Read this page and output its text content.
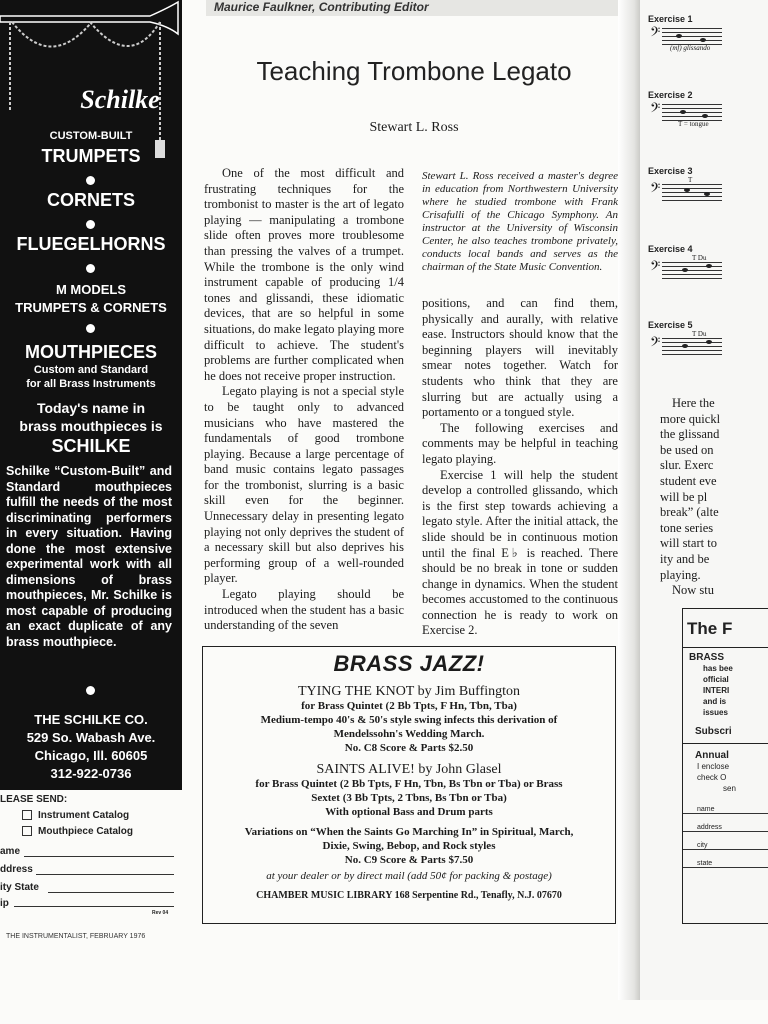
Schilke
CUSTOM-BUILT
TRUMPETS
CORNETS
FLUEGELHORNS
M MODELS
TRUMPETS & CORNETS
MOUTHPIECES
Custom and Standard
for all Brass Instruments
Today's name in
brass mouthpieces is
SCHILKE
Schilke “Custom-Built” and Standard mouthpieces fulfill the needs of the most discriminating performers in every situation. Having done the most extensive experimental work with all dimensions of brass mouthpieces, Mr. Schilke is most capable of producing an exact duplicate of any brass mouthpiece.
THE SCHILKE CO.
529 So. Wabash Ave.
Chicago, Ill. 60605
312-922-0736
LEASE SEND:
Instrument Catalog
Mouthpiece Catalog
ame
ddress
ity State
ip
Rev 04
Maurice Faulkner, Contributing Editor
Teaching Trombone Legato
Stewart L. Ross

One of the most difficult and frustrating techniques for the trombonist to master is the art of legato playing — manipulating a trombone slide often proves more troublesome than pressing the valves of a trumpet. While the trombone is the only wind instrument capable of producing 1/4 tones and glissandi, these idiomatic devices, that are so helpful in some situations, do make legato playing more difficult to achieve. The student's problems are further complicated when he does not receive proper instruction.

Legato playing is not a special style to be taught only to advanced musicians who have mastered the fundamentals of good trombone playing. Because a large percentage of band music contains legato passages for the trombonist, slurring is a basic skill even for the beginner. Unnecessary delay in presenting legato playing not only deprives the student of a necessary skill but also deprives his performing group of a well-rounded player.

Legato playing should be introduced when the student has a basic understanding of the seven

Stewart L. Ross received a master's degree in education from Northwestern University where he studied trombone with Frank Crisafulli of the Chicago Symphony. An instructor at the University of Wisconsin Center, he also teaches trombone privately, conducts local bands and serves as the chairman of the State Music Convention.

positions, and can find them, physically and aurally, with relative ease. Instructors should know that the beginning players will inevitably smear notes together. Watch for students who think that they are slurring but are actually using a portamento or a tongued style.

The following exercises and comments may be helpful in teaching legato playing.

Exercise 1 will help the student develop a controlled glissando, which is the first step towards achieving a legato style. After the initial attack, the slide should be in continuous motion until the final E♭ is reached. There should be no break in tone or sudden change in dynamics. When the student becomes accustomed to the continuous connection he is ready to work on Exercise 2.

BRASS JAZZ!
TYING THE KNOT by Jim Buffington
for Brass Quintet (2 Bb Tpts, F Hn, Tbn, Tba)
Medium-tempo 40's & 50's style swing infects this derivation of Mendelssohn's Wedding March.
No. C8 Score & Parts $2.50
SAINTS ALIVE! by John Glasel
for Brass Quintet (2 Bb Tpts, F Hn, Tbn, Bs Tbn or Tba) or Brass Sextet (3 Bb Tpts, 2 Tbns, Bs Tbn or Tba)
With optional Bass and Drum parts
Variations on “When the Saints Go Marching In” in Spiritual, March, Dixie, Swing, Bebop, and Rock styles
No. C9 Score & Parts $7.50
at your dealer or by direct mail (add 50¢ for packing & postage)
CHAMBER MUSIC LIBRARY 168 Serpentine Rd., Tenafly, N.J. 07670
THE INSTRUMENTALIST, FEBRUARY 1976
Exercise 1
𝄢
(mf) glissando
Exercise 2
𝄢
T = tongue
Exercise 3
T
𝄢
Exercise 4
T Du
𝄢
Exercise 5
T Du
𝄢
Here the
more quickl
the glissand
be used on
slur. Exerc
student eve
will be pl
break” (alte
tone series
will start to
ity and be
playing.
Now stu
The F
BRASS
has bee
official
INTERI
and is
issues
Subscri
Annual
I enclose
check O
sen
name
address
city
state
